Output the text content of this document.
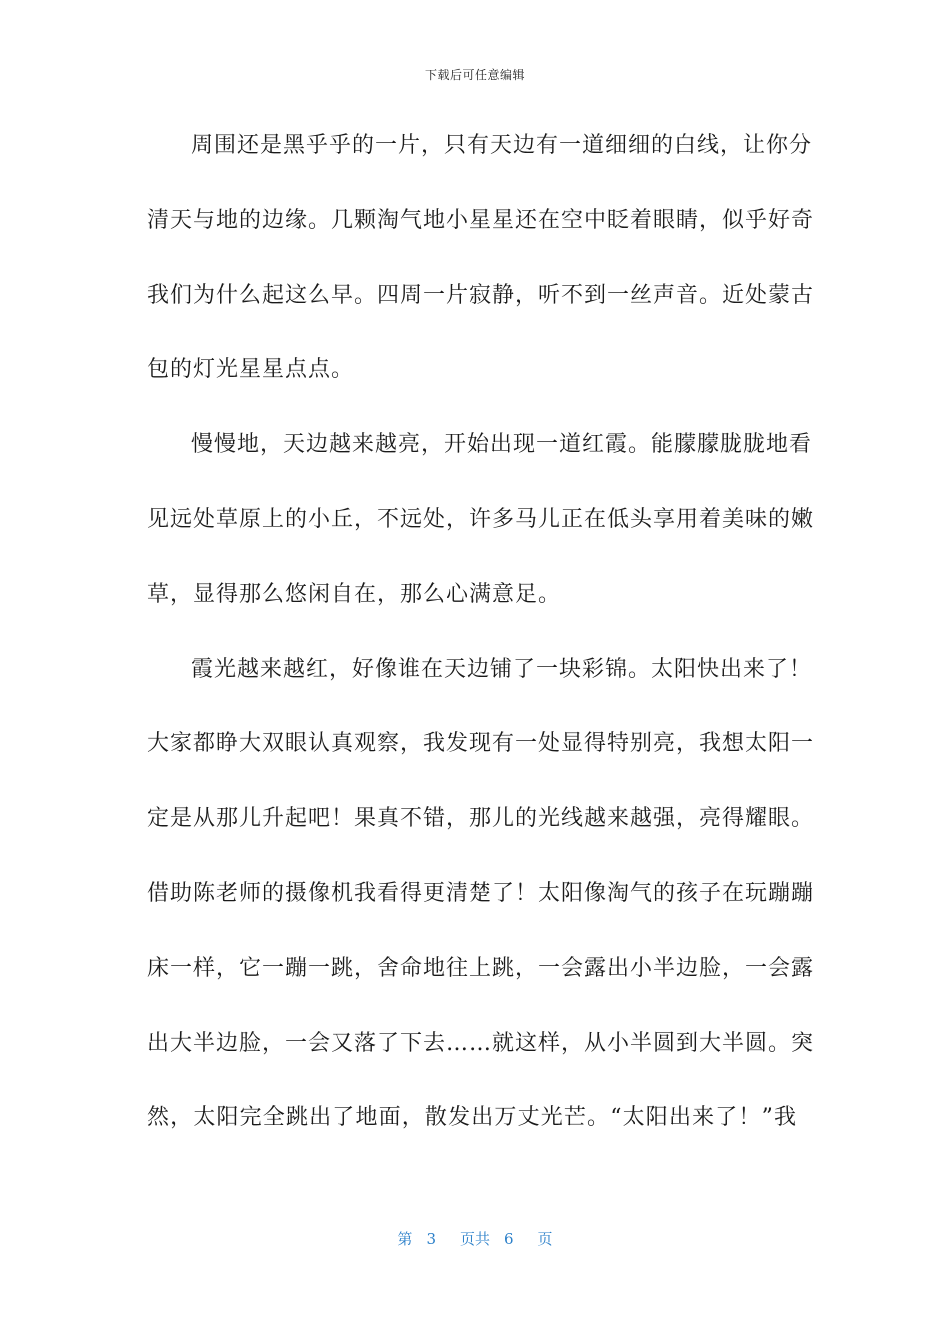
下载后可任意编辑
周围还是黑乎乎的一片，只有天边有一道细细的白线，让你分
清天与地的边缘。几颗淘气地小星星还在空中眨着眼睛，似乎好奇
我们为什么起这么早。四周一片寂静，听不到一丝声音。近处蒙古
包的灯光星星点点。
慢慢地，天边越来越亮，开始出现一道红霞。能朦朦胧胧地看
见远处草原上的小丘，不远处，许多马儿正在低头享用着美味的嫩
草，显得那么悠闲自在，那么心满意足。
霞光越来越红，好像谁在天边铺了一块彩锦。太阳快出来了！
大家都睁大双眼认真观察，我发现有一处显得特别亮，我想太阳一
定是从那儿升起吧！果真不错，那儿的光线越来越强，亮得耀眼。
借助陈老师的摄像机我看得更清楚了！太阳像淘气的孩子在玩蹦蹦
床一样，它一蹦一跳，舍命地往上跳，一会露出小半边脸，一会露
出大半边脸，一会又落了下去……就这样，从小半圆到大半圆。突
然，太阳完全跳出了地面，散发出万丈光芒。“太阳出来了！”我
第 3 页共 6 页
